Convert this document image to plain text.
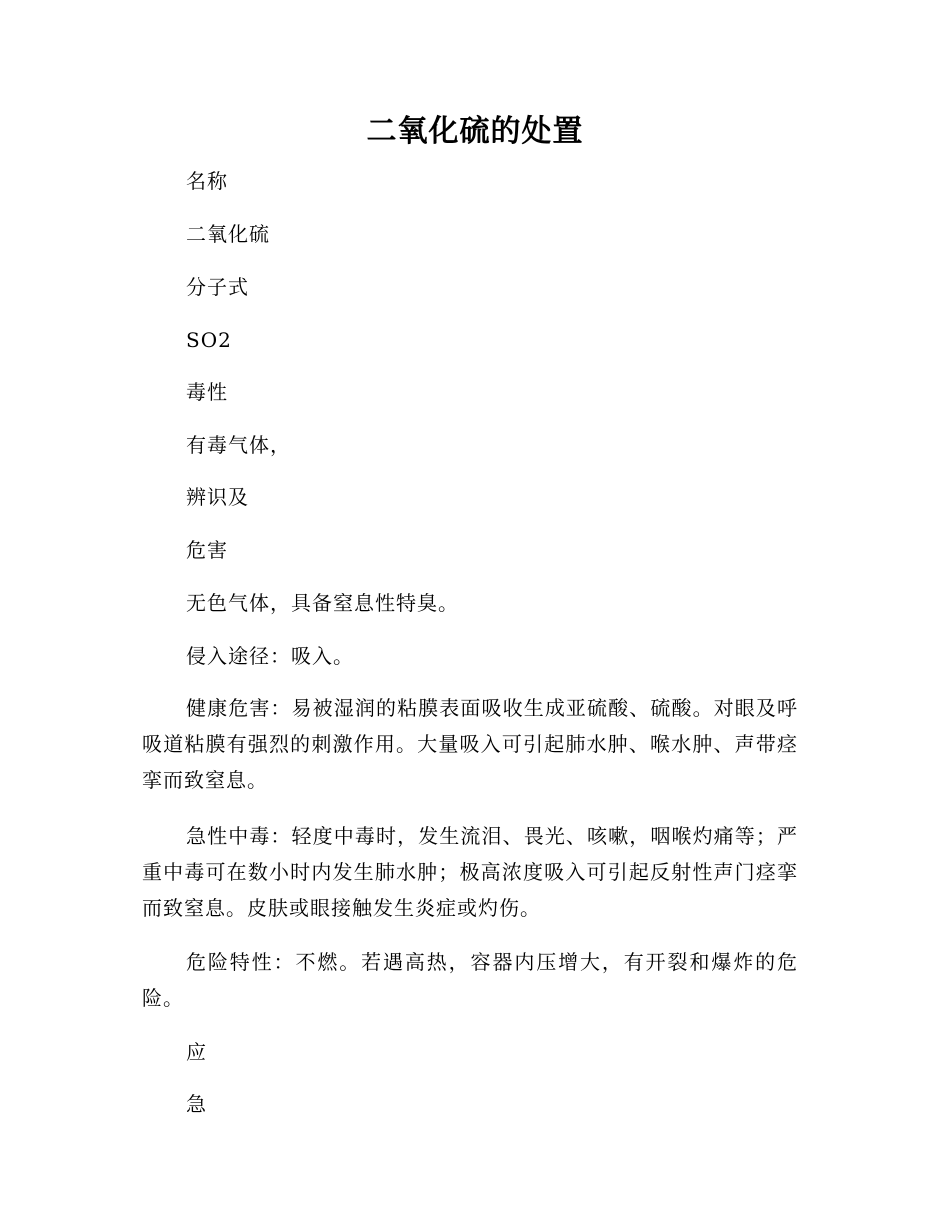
二氧化硫的处置
名称
二氧化硫
分子式
SO2
毒性
有毒气体，
辨识及
危害
无色气体，具备窒息性特臭。
侵入途径：吸入。
健康危害：易被湿润的粘膜表面吸收生成亚硫酸、硫酸。对眼及呼吸道粘膜有强烈的刺激作用。大量吸入可引起肺水肿、喉水肿、声带痉挛而致窒息。
急性中毒：轻度中毒时，发生流泪、畏光、咳嗽，咽喉灼痛等；严重中毒可在数小时内发生肺水肿；极高浓度吸入可引起反射性声门痉挛而致窒息。皮肤或眼接触发生炎症或灼伤。
危险特性：不燃。若遇高热，容器内压增大，有开裂和爆炸的危险。
应
急
